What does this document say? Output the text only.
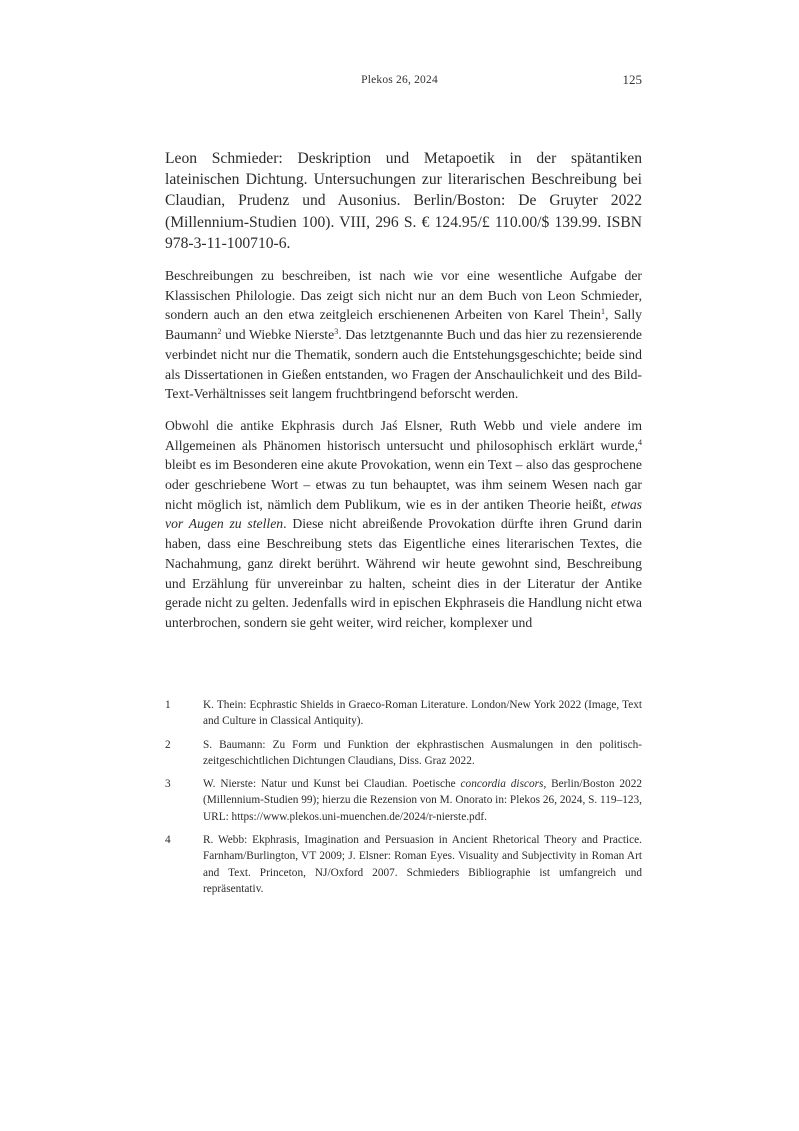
Plekos 26, 2024	125

Leon Schmieder: Deskription und Metapoetik in der spätantiken lateinischen Dichtung. Untersuchungen zur literarischen Beschreibung bei Claudian, Prudenz und Ausonius. Berlin/Boston: De Gruyter 2022 (Millennium-Studien 100). VIII, 296 S. € 124.95/£ 110.00/$ 139.99. ISBN 978-3-11-100710-6.

Beschreibungen zu beschreiben, ist nach wie vor eine wesentliche Aufgabe der Klassischen Philologie. Das zeigt sich nicht nur an dem Buch von Leon Schmieder, sondern auch an den etwa zeitgleich erschienenen Arbeiten von Karel Thein$^1$, Sally Baumann$^2$ und Wiebke Nierste$^3$. Das letztgenannte Buch und das hier zu rezensierende verbindet nicht nur die Thematik, sondern auch die Entstehungsgeschichte; beide sind als Dissertationen in Gießen entstanden, wo Fragen der Anschaulichkeit und des Bild-Text-Verhältnisses seit langem fruchtbringend beforscht werden.

Obwohl die antike Ekphrasis durch Jaś Elsner, Ruth Webb und viele andere im Allgemeinen als Phänomen historisch untersucht und philosophisch erklärt wurde,$^4$ bleibt es im Besonderen eine akute Provokation, wenn ein Text – also das gesprochene oder geschriebene Wort – etwas zu tun behauptet, was ihm seinem Wesen nach gar nicht möglich ist, nämlich dem Publikum, wie es in der antiken Theorie heißt, etwas vor Augen zu stellen. Diese nicht abreißende Provokation dürfte ihren Grund darin haben, dass eine Beschreibung stets das Eigentliche eines literarischen Textes, die Nachahmung, ganz direkt berührt. Während wir heute gewohnt sind, Beschreibung und Erzählung für unvereinbar zu halten, scheint dies in der Literatur der Antike gerade nicht zu gelten. Jedenfalls wird in epischen Ekphraseis die Handlung nicht etwa unterbrochen, sondern sie geht weiter, wird reicher, komplexer und

1	K. Thein: Ecphrastic Shields in Graeco-Roman Literature. London/New York 2022 (Image, Text and Culture in Classical Antiquity).
2	S. Baumann: Zu Form und Funktion der ekphrastischen Ausmalungen in den politisch-zeitgeschichtlichen Dichtungen Claudians, Diss. Graz 2022.
3	W. Nierste: Natur und Kunst bei Claudian. Poetische concordia discors, Berlin/Boston 2022 (Millennium-Studien 99); hierzu die Rezension von M. Onorato in: Plekos 26, 2024, S. 119–123, URL: https://www.plekos.uni-muenchen.de/2024/r-nierste.pdf.
4	R. Webb: Ekphrasis, Imagination and Persuasion in Ancient Rhetorical Theory and Practice. Farnham/Burlington, VT 2009; J. Elsner: Roman Eyes. Visuality and Subjectivity in Roman Art and Text. Princeton, NJ/Oxford 2007. Schmieders Bibliographie ist umfangreich und repräsentativ.
